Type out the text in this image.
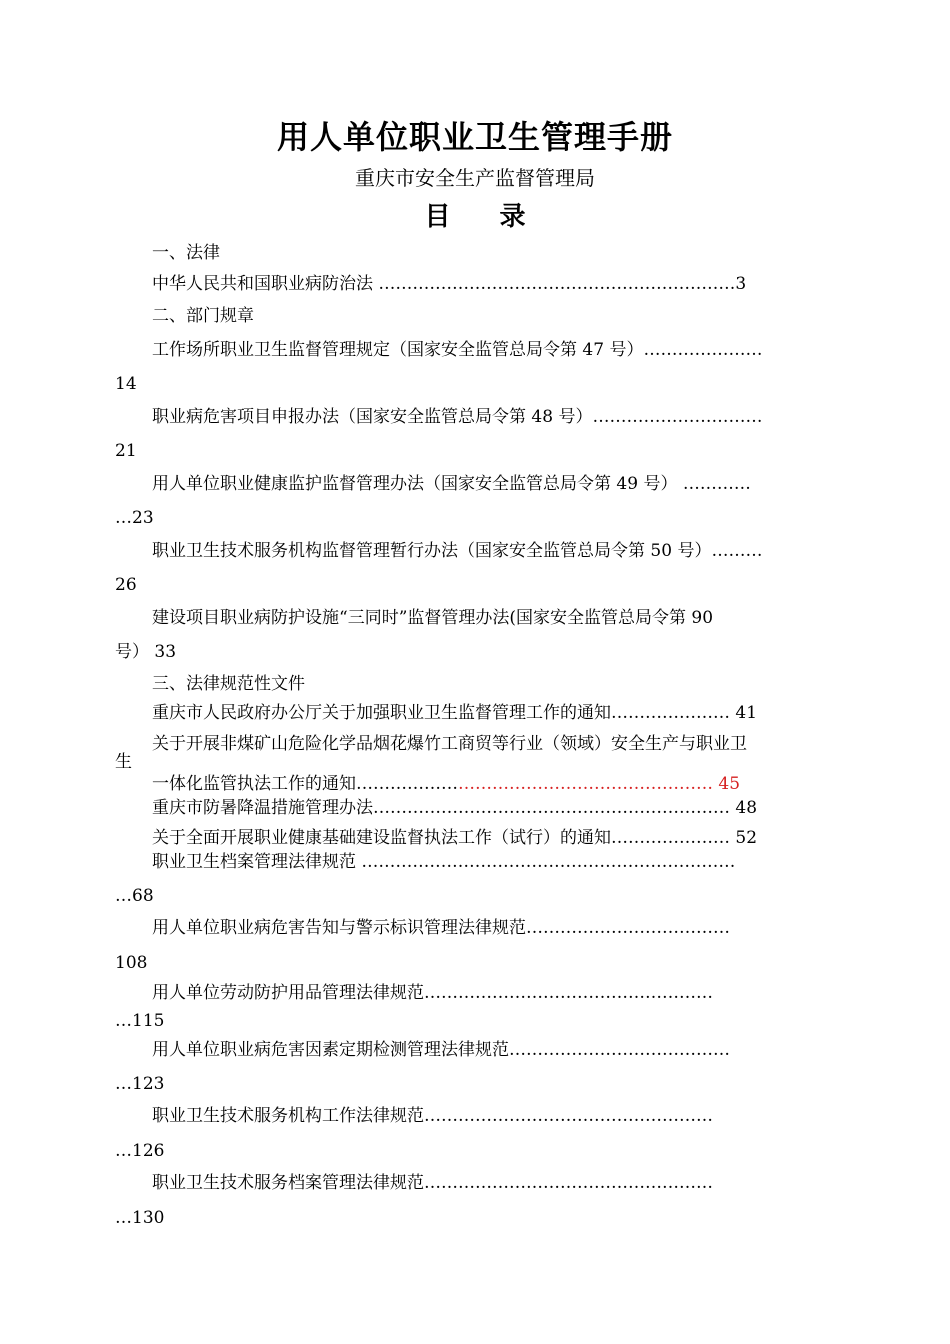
用人单位职业卫生管理手册
重庆市安全生产监督管理局
目 录
一、法律
中华人民共和国职业病防治法 ………………………………………………………3
二、部门规章
工作场所职业卫生监督管理规定（国家安全监管总局令第 47 号）…………………
14
职业病危害项目申报办法（国家安全监管总局令第 48 号）…………………………
21
用人单位职业健康监护监督管理办法（国家安全监管总局令第 49 号） …………
…23
职业卫生技术服务机构监督管理暂行办法（国家安全监管总局令第 50 号）………
26
建设项目职业病防护设施“三同时”监督管理办法(国家安全监管总局令第 90
号） 33
三、法律规范性文件
重庆市人民政府办公厅关于加强职业卫生监督管理工作的通知………………… 41
关于开展非煤矿山危险化学品烟花爆竹工商贸等行业（领域）安全生产与职业卫
生
一体化监管执法工作的通知……………………………………………………… 45
重庆市防暑降温措施管理办法……………………………………………………… 48
关于全面开展职业健康基础建设监督执法工作（试行）的通知………………… 52
职业卫生档案管理法律规范 …………………………………………………………
…68
用人单位职业病危害告知与警示标识管理法律规范………………………………
108
用人单位劳动防护用品管理法律规范……………………………………………
…115
用人单位职业病危害因素定期检测管理法律规范…………………………………
…123
职业卫生技术服务机构工作法律规范……………………………………………
…126
职业卫生技术服务档案管理法律规范……………………………………………
…130
